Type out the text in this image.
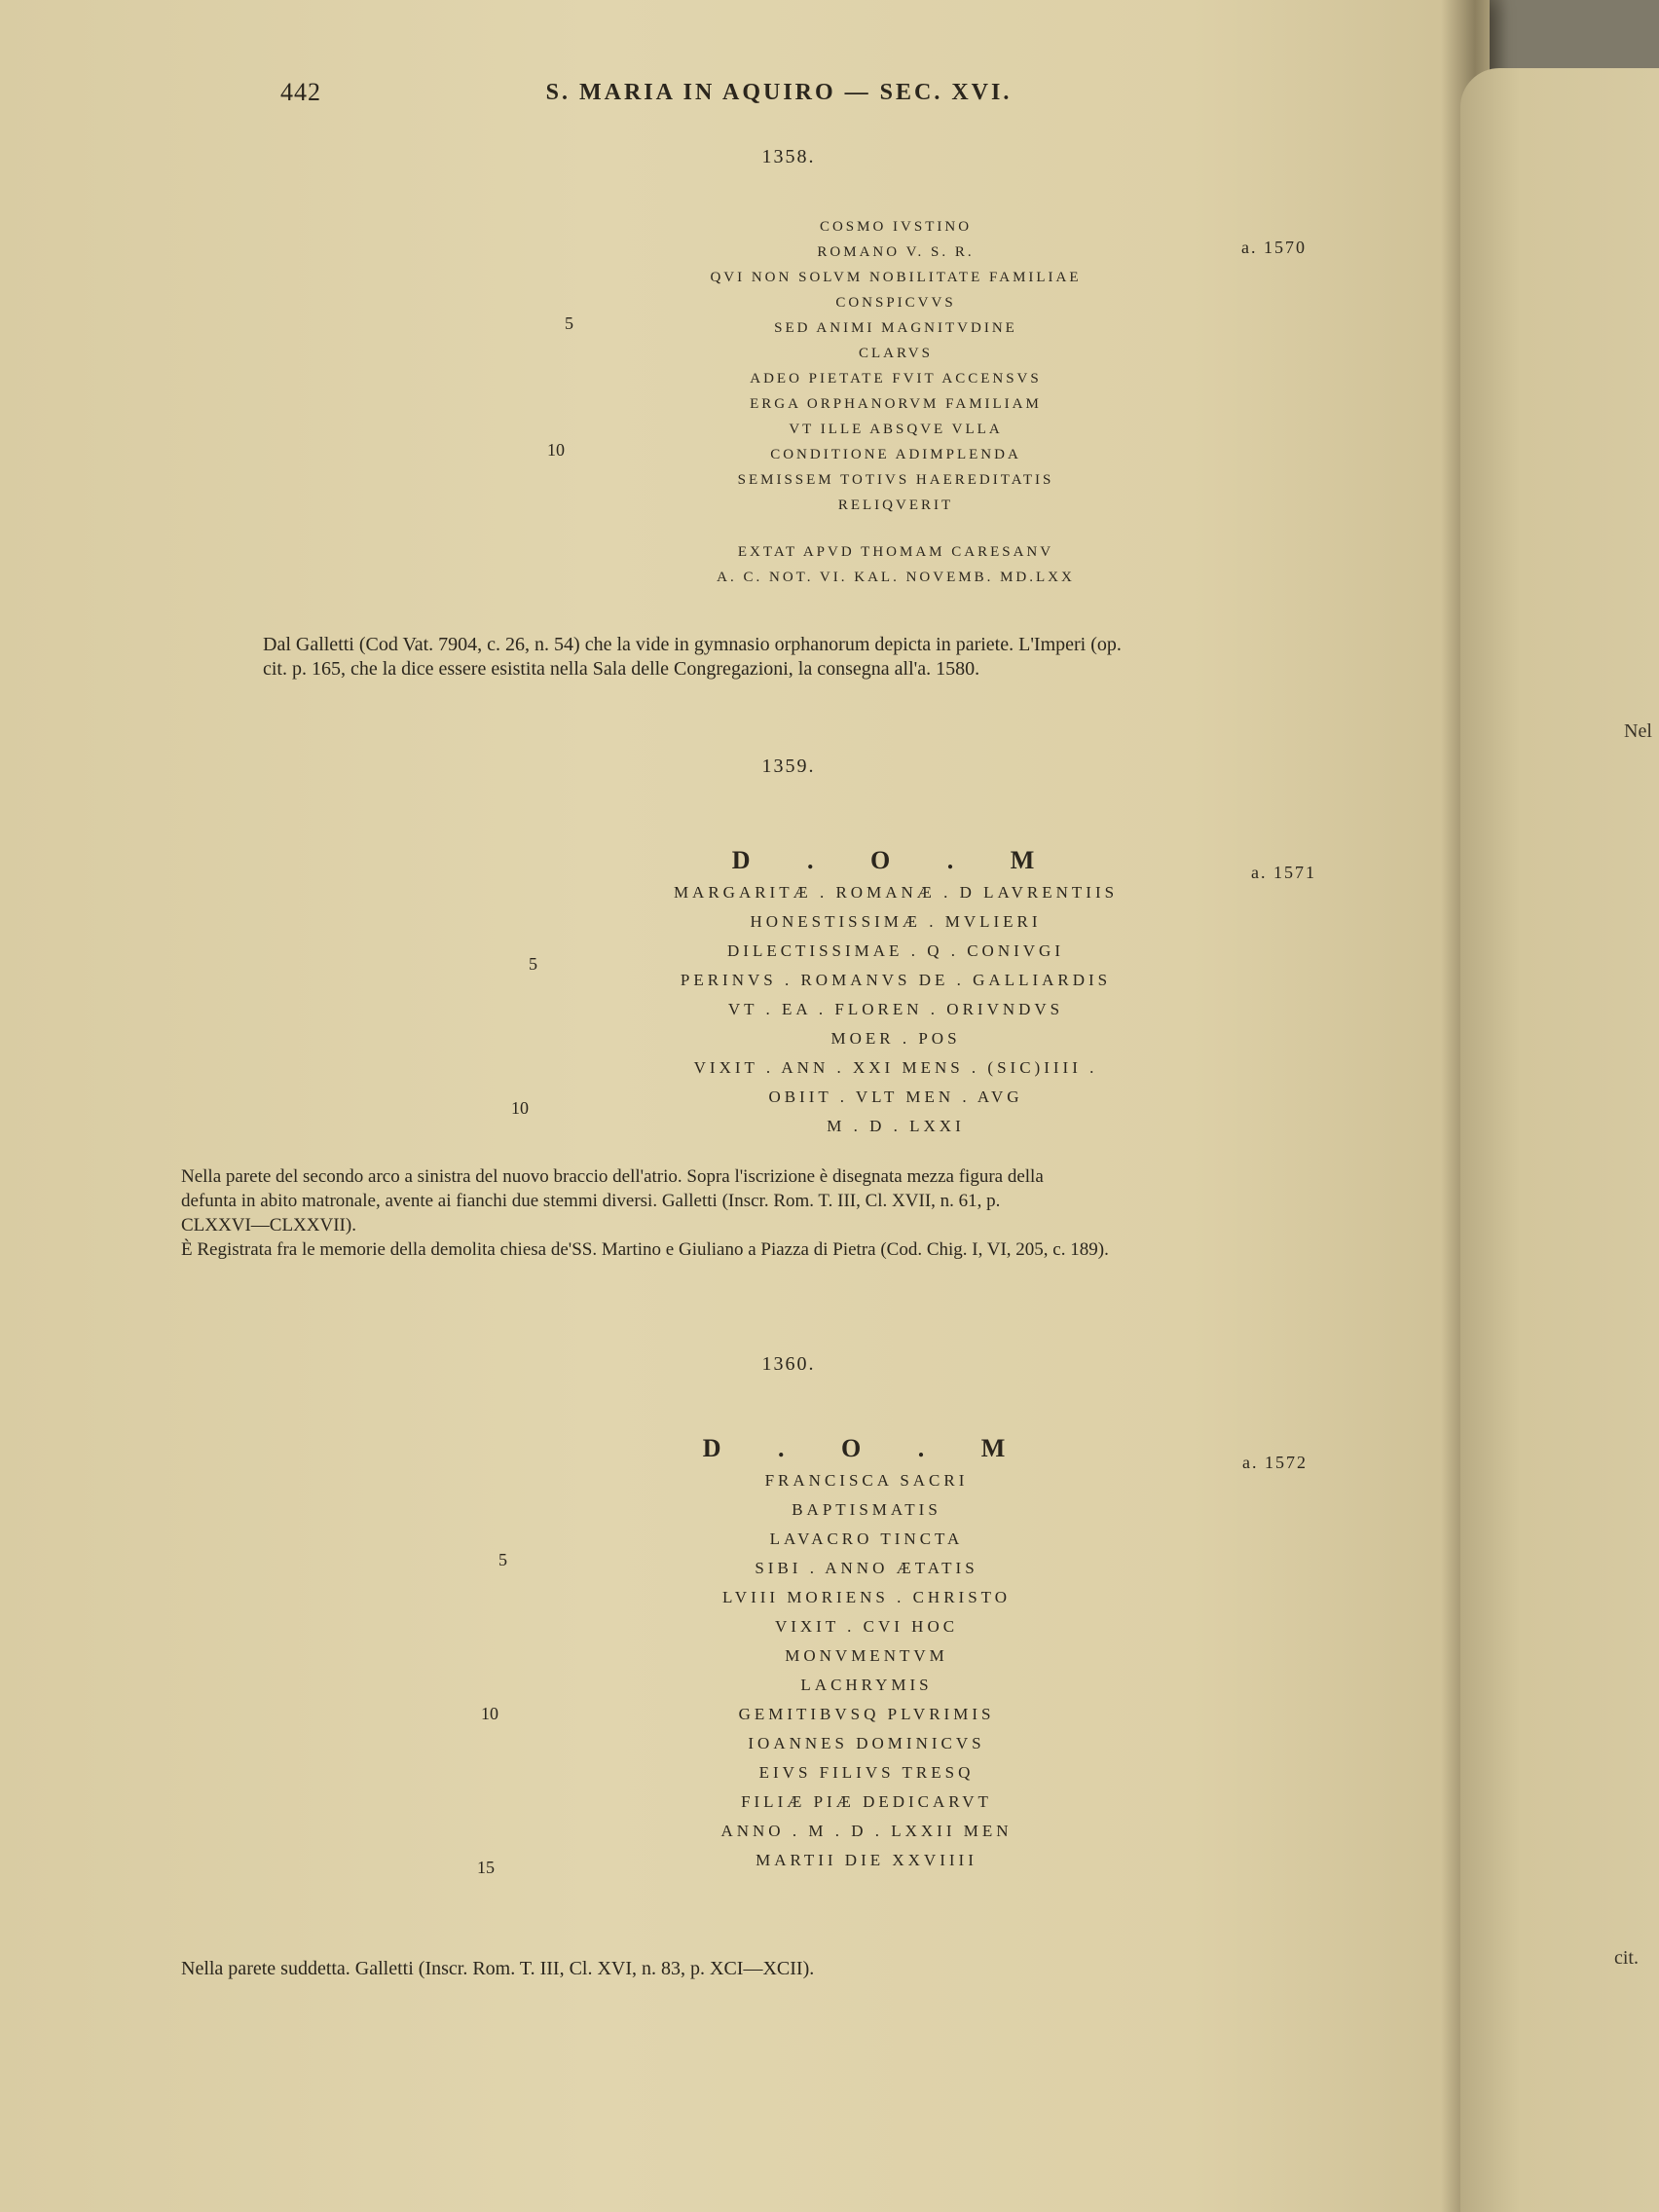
442	S. MARIA IN AQUIRO — SEC. XVI.
1358.
a. 1570
5
10
COSMO IVSTINO
ROMANO V. S. R.
QVI NON SOLVM NOBILITATE FAMILIAE
CONSPICVVS
SED ANIMI MAGNITVDINE
CLARVS
ADEO PIETATE FVIT ACCENSVS
ERGA ORPHANORVM FAMILIAM
VT ILLE ABSQVE VLLA
CONDITIONE ADIMPLENDA
SEMISSEM TOTIVS HAEREDITATIS
RELIQVERIT
EXTAT APVD THOMAM CARESANV
A. C. NOT. VI. KAL. NOVEMB. MD.LXX
Dal Galletti (Cod Vat. 7904, c. 26, n. 54) che la vide in gymnasio orphanorum depicta in pariete. L'Imperi (op.
cit. p. 165, che la dice essere esistita nella Sala delle Congregazioni, la consegna all'a. 1580.
1359.
a. 1571
5
10
D . O . M
MARGARITÆ . ROMANÆ . D LAVRENTIIS
HONESTISSIMÆ . MVLIERI
DILECTISSIMAE . Q . CONIVGI
PERINVS . ROMANVS DE . GALLIARDIS
VT . EA . FLOREN . ORIVNDVS
MOER . POS
VIXIT . ANN . XXI MENS . (SIC)IIII .
OBIIT . VLT MEN . AVG
M . D . LXXI
Nella parete del secondo arco a sinistra del nuovo braccio dell'atrio. Sopra l'iscrizione è disegnata mezza figura della
defunta in abito matronale, avente ai fianchi due stemmi diversi. Galletti (Inscr. Rom. T. III, Cl. XVII, n. 61, p.
CLXXVI—CLXXVII).
È Registrata fra le memorie della demolita chiesa de'SS. Martino e Giuliano a Piazza di Pietra (Cod. Chig. I, VI, 205, c. 189).
1360.
a. 1572
5
10
15
D . O . M
FRANCISCA SACRI
BAPTISMATIS
LAVACRO TINCTA
SIBI . ANNO ÆTATIS
LVIII MORIENS . CHRISTO
VIXIT . CVI HOC
MONVMENTVM
LACHRYMIS
GEMITIBVSQ PLVRIMIS
IOANNES DOMINICVS
EIVS FILIVS TRESQ
FILIÆ PIÆ DEDICARVT
ANNO . M . D . LXXII MEN
MARTII DIE XXVIIII
Nella parete suddetta. Galletti (Inscr. Rom. T. III, Cl. XVI, n. 83, p. XCI—XCII).
Nel
cit.
